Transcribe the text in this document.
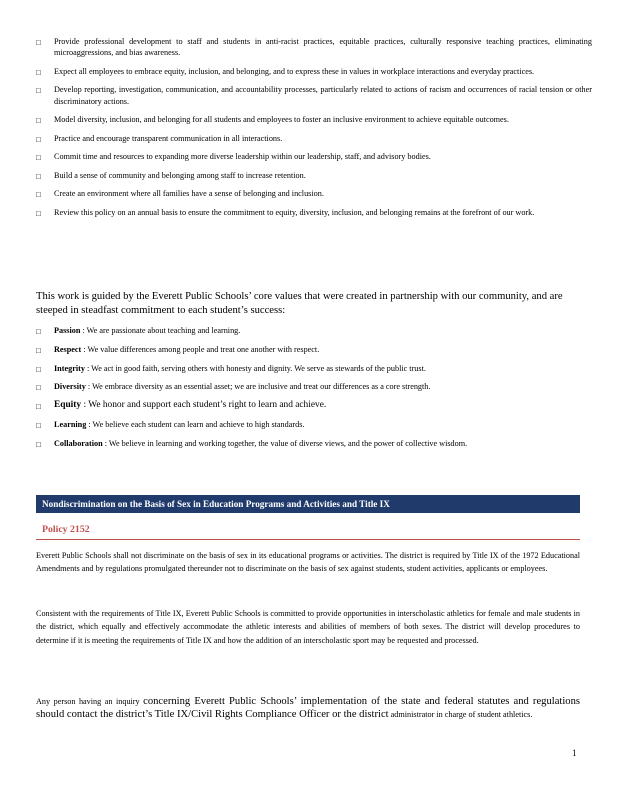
□ Provide professional development to staff and students in anti-racist practices, equitable practices, culturally responsive teaching practices, eliminating microaggressions, and bias awareness.
□ Expect all employees to embrace equity, inclusion, and belonging, and to express these in values in workplace interactions and everyday practices.
□ Develop reporting, investigation, communication, and accountability processes, particularly related to actions of racism and occurrences of racial tension or other discriminatory actions.
□ Model diversity, inclusion, and belonging for all students and employees to foster an inclusive environment to achieve equitable outcomes.
□ Practice and encourage transparent communication in all interactions.
□ Commit time and resources to expanding more diverse leadership within our leadership, staff, and advisory bodies.
□ Build a sense of community and belonging among staff to increase retention.
□ Create an environment where all families have a sense of belonging and inclusion.
□ Review this policy on an annual basis to ensure the commitment to equity, diversity, inclusion, and belonging remains at the forefront of our work.

This work is guided by the Everett Public Schools’ core values that were created in partnership with our community, and are steeped in steadfast commitment to each student’s success:

□ Passion : We are passionate about teaching and learning.
□ Respect : We value differences among people and treat one another with respect.
□ Integrity : We act in good faith, serving others with honesty and dignity. We serve as stewards of the public trust.
□ Diversity : We embrace diversity as an essential asset; we are inclusive and treat our differences as a core strength.
□ Equity : We honor and support each student’s right to learn and achieve.
□ Learning : We believe each student can learn and achieve to high standards.
□ Collaboration : We believe in learning and working together, the value of diverse views, and the power of collective wisdom.
Nondiscrimination on the Basis of Sex in Education Programs and Activities and Title IX
Policy 2152

Everett Public Schools shall not discriminate on the basis of sex in its educational programs or activities. The district is required by Title IX of the 1972 Educational Amendments and by regulations promulgated thereunder not to discriminate on the basis of sex against students, student activities, applicants or employees.

Consistent with the requirements of Title IX, Everett Public Schools is committed to provide opportunities in interscholastic athletics for female and male students in the district, which equally and effectively accommodate the athletic interests and abilities of members of both sexes. The district will develop procedures to determine if it is meeting the requirements of Title IX and how the addition of an interscholastic sport may be requested and processed.

Any person having an inquiry concerning Everett Public Schools’ implementation of the state and federal statutes and regulations should contact the district’s Title IX/Civil Rights Compliance Officer or the district administrator in charge of student athletics.

1
